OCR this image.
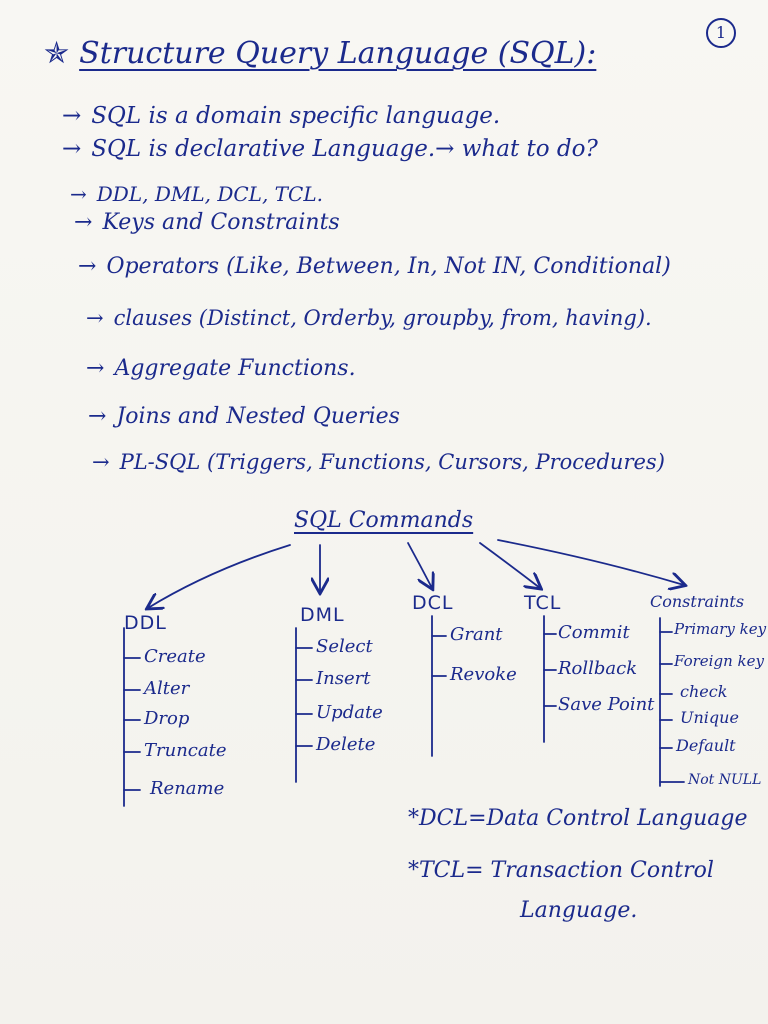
1
✯ Structure Query Language (SQL):
→ SQL is a domain specific language.
→ SQL is declarative Language.→ what to do?
→ DDL, DML, DCL, TCL.
→ Keys and Constraints
→ Operators (Like, Between, In, Not IN, Conditional)
→ clauses (Distinct, Orderby, groupby, from, having).
→ Aggregate Functions.
→ Joins and Nested Queries
→ PL-SQL (Triggers, Functions, Cursors, Procedures)
SQL Commands
DDL	DML
DCL	TCL	Constraints
Create
Alter
Drop
Truncate
Rename
Select
Insert
Update
Delete
Grant
Revoke
Commit
Rollback
Save Point
Primary key
Foreign key
check
Unique
Default
Not NULL
*DCL=Data Control Language
*TCL= Transaction Control
Language.
